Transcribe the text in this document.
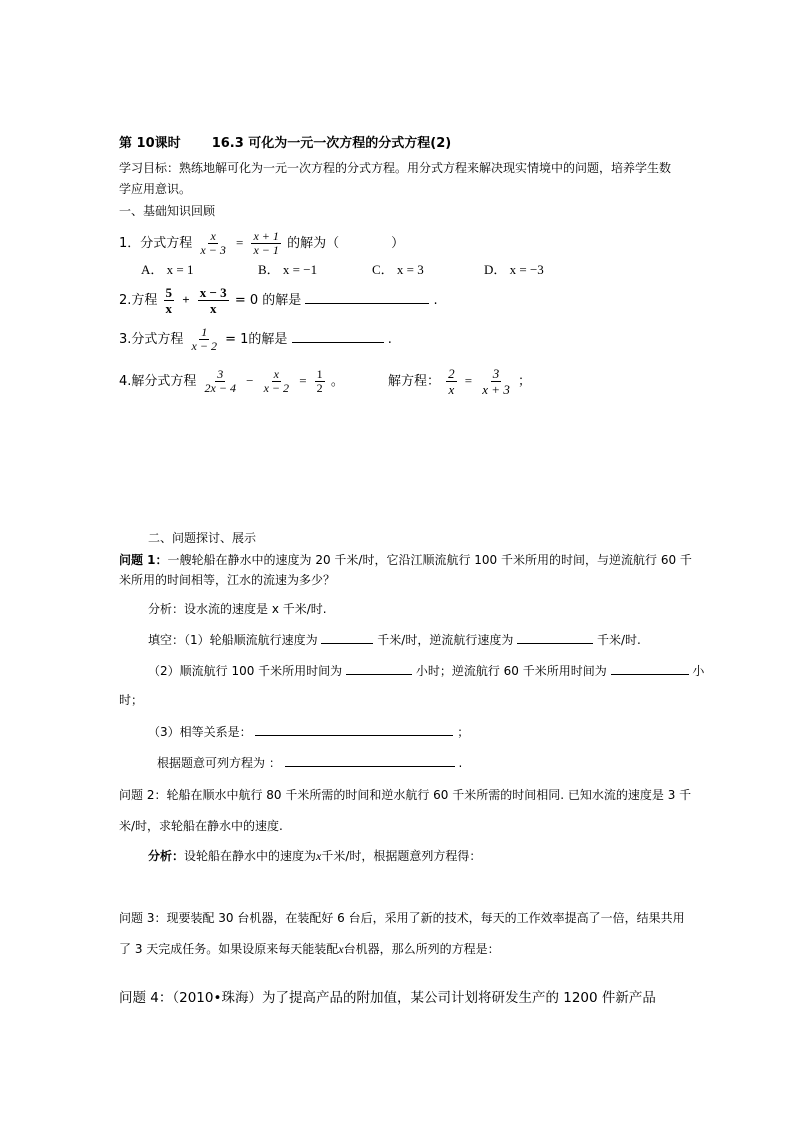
第 10课时 16.3 可化为一元一次方程的分式方程(2)
学习目标：熟练地解可化为一元一次方程的分式方程。用分式方程来解决现实情境中的问题，培养学生数
学应用意识。
一、基础知识回顾
1．分式方程 $\frac{x}{x - 3} = \frac{x + 1}{x - 1}$ 的解为（　　　　）
A． x = 1	B． x = −1	C． x = 3	D． x = −3
2.方程 $\frac{5}{x} + \frac{x - 3}{x} = 0$ 的解是	.
3.分式方程 $\frac{1}{x - 2} = 1$的解是	.
4.解分式方程 $\frac{3}{2x - 4} - \frac{x}{x - 2} = \frac{1}{2}$ 。	解方程： $\frac{2}{x} = \frac{3}{x + 3}$ ；
二、问题探讨、展示
问题 1：一艘轮船在静水中的速度为 20 千米/时，它沿江顺流航行 100 千米所用的时间，与逆流航行 60 千
米所用的时间相等，江水的流速为多少？
分析：设水流的速度是 x 千米/时.
填空：（1）轮船顺流航行速度为	千米/时，逆流航行速度为	千米/时.
（2）顺流航行 100 千米所用时间为	小时；逆流航行 60 千米所用时间为	小
时；
（3）相等关系是：	；
根据题意可列方程为 ：	.
问题 2：轮船在顺水中航行 80 千米所需的时间和逆水航行 60 千米所需的时间相同. 已知水流的速度是 3 千
米/时，求轮船在静水中的速度.
分析：设轮船在静水中的速度为x千米/时，根据题意列方程得：
问题 3：现要装配 30 台机器，在装配好 6 台后，采用了新的技术，每天的工作效率提高了一倍，结果共用
了 3 天完成任务。如果设原来每天能装配x台机器，那么所列的方程是：
问题 4：（2010•珠海）为了提高产品的附加值，某公司计划将研发生产的 1200 件新产品
